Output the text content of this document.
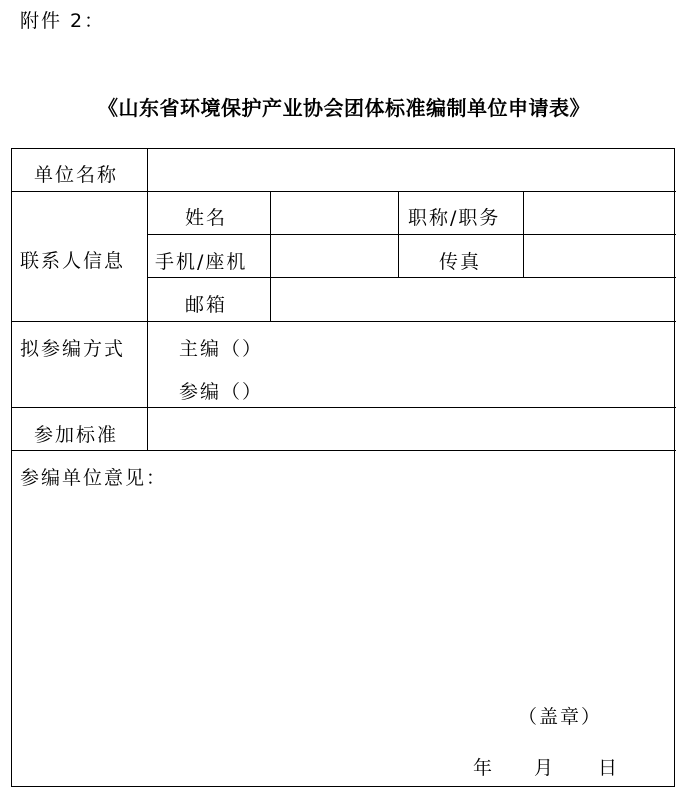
附件 2：
《山东省环境保护产业协会团体标准编制单位申请表》
单位名称
联系人信息
姓名	职称/职务
手机/座机	传真
邮箱
拟参编方式	主编（）
参编（）
参加标准
参编单位意见：
（盖章）
年 月 日
